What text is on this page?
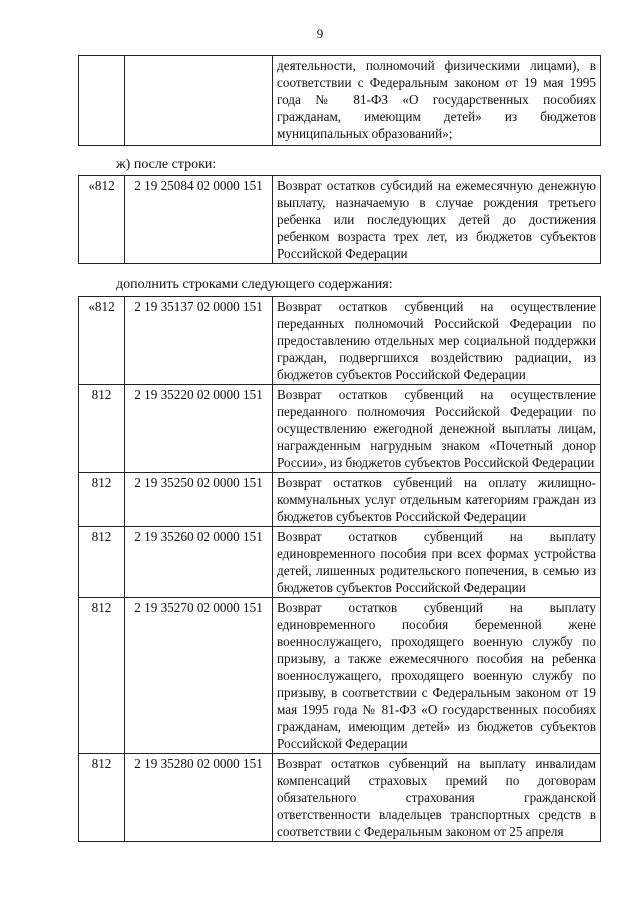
9
		деятельности, полномочий физическими лицами), в соответствии с Федеральным законом от 19 мая 1995 года № 81-ФЗ «О государственных пособиях гражданам, имеющим детей» из бюджетов муниципальных образований»;
ж) после строки:
«812	2 19 25084 02 0000 151	Возврат остатков субсидий на ежемесячную денежную выплату, назначаемую в случае рождения третьего ребенка или последующих детей до достижения ребенком возраста трех лет, из бюджетов субъектов Российской Федерации
дополнить строками следующего содержания:
«812	2 19 35137 02 0000 151	Возврат остатков субвенций на осуществление переданных полномочий Российской Федерации по предоставлению отдельных мер социальной поддержки граждан, подвергшихся воздействию радиации, из бюджетов субъектов Российской Федерации
812	2 19 35220 02 0000 151	Возврат остатков субвенций на осуществление переданного полномочия Российской Федерации по осуществлению ежегодной денежной выплаты лицам, награжденным нагрудным знаком «Почетный донор России», из бюджетов субъектов Российской Федерации
812	2 19 35250 02 0000 151	Возврат остатков субвенций на оплату жилищно-коммунальных услуг отдельным категориям граждан из бюджетов субъектов Российской Федерации
812	2 19 35260 02 0000 151	Возврат остатков субвенций на выплату единовременного пособия при всех формах устройства детей, лишенных родительского попечения, в семью из бюджетов субъектов Российской Федерации
812	2 19 35270 02 0000 151	Возврат остатков субвенций на выплату единовременного пособия беременной жене военнослужащего, проходящего военную службу по призыву, а также ежемесячного пособия на ребенка военнослужащего, проходящего военную службу по призыву, в соответствии с Федеральным законом от 19 мая 1995 года № 81-ФЗ «О государственных пособиях гражданам, имеющим детей» из бюджетов субъектов Российской Федерации
812	2 19 35280 02 0000 151	Возврат остатков субвенций на выплату инвалидам компенсаций страховых премий по договорам обязательного страхования гражданской ответственности владельцев транспортных средств в соответствии с Федеральным законом от 25 апреля
